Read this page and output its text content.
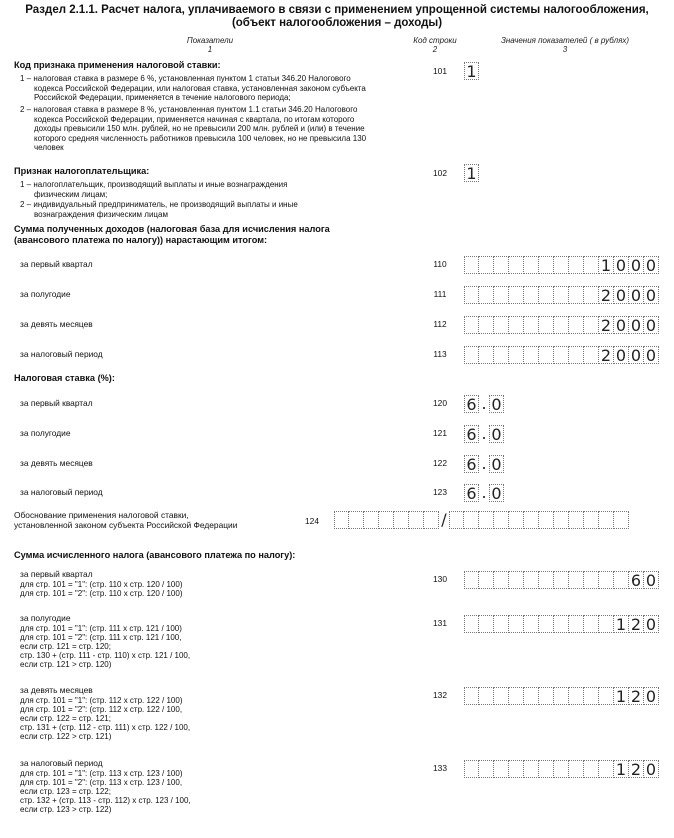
Раздел 2.1.1. Расчет налога, уплачиваемого в связи с применением упрощенной системы налогообложения,
(объект налогообложения – доходы)
Показатели
1
Код строки
2
Значения показателей ( в рублях)
3
Код признака применения налоговой ставки:
1 – налоговая ставка в размере 6 %, установленная пунктом 1 статьи 346.20 Налогового
кодекса Российской Федерации, или налоговая ставка, установленная законом субъекта
Российской Федерации, применяется в течение налогового периода;
2 – налоговая ставка в размере 8 %, установленная пунктом 1.1 статьи 346.20 Налогового
кодекса Российской Федерации, применяется начиная с квартала, по итогам которого
доходы превысили 150 млн. рублей, но не превысили 200 млн. рублей и (или) в течение
которого средняя численность работников превысила 100 человек, но не превысила 130
человек
101	1
Признак налогоплательщика:
1 – налогоплательщик, производящий выплаты и иные вознаграждения
физическим лицам;
2 – индивидуальный предприниматель, не производящий выплаты и иные
вознаграждения физическим лицам
102	1
Сумма полученных доходов (налоговая база для исчисления налога
(авансового платежа по налогу)) нарастающим итогом:
за первый квартал	110	1 0 0 0
за полугодие	111	2 0 0 0
за девять месяцев	112	2 0 0 0
за налоговый период	113	2 0 0 0
Налоговая ставка (%):
за первый квартал	120	6 . 0
за полугодие	121	6 . 0
за девять месяцев	122	6 . 0
за налоговый период	123	6 . 0
Обоснование применения налоговой ставки,
установленной законом субъекта Российской Федерации	124	/
Сумма исчисленного налога (авансового платежа по налогу):
за первый квартал
для стр. 101 = "1": (стр. 110 х стр. 120 / 100)
для стр. 101 = "2": (стр. 110 х стр. 120 / 100)
130	6 0
за полугодие
для стр. 101 = "1": (стр. 111 х стр. 121 / 100)
для стр. 101 = "2": (стр. 111 х стр. 121 / 100,
если стр. 121 = стр. 120;
стр. 130 + (стр. 111 - стр. 110) х стр. 121 / 100,
если стр. 121 > стр. 120)
131	1 2 0
за девять месяцев
для стр. 101 = "1": (стр. 112 х стр. 122 / 100)
для стр. 101 = "2": (стр. 112 х стр. 122 / 100,
если стр. 122 = стр. 121;
стр. 131 + (стр. 112 - стр. 111) х стр. 122 / 100,
если стр. 122 > стр. 121)
132	1 2 0
за налоговый период
для стр. 101 = "1": (стр. 113 х стр. 123 / 100)
для стр. 101 = "2": (стр. 113 х стр. 123 / 100,
если стр. 123 = стр. 122;
стр. 132 + (стр. 113 - стр. 112) х стр. 123 / 100,
если стр. 123 > стр. 122)
133	1 2 0
